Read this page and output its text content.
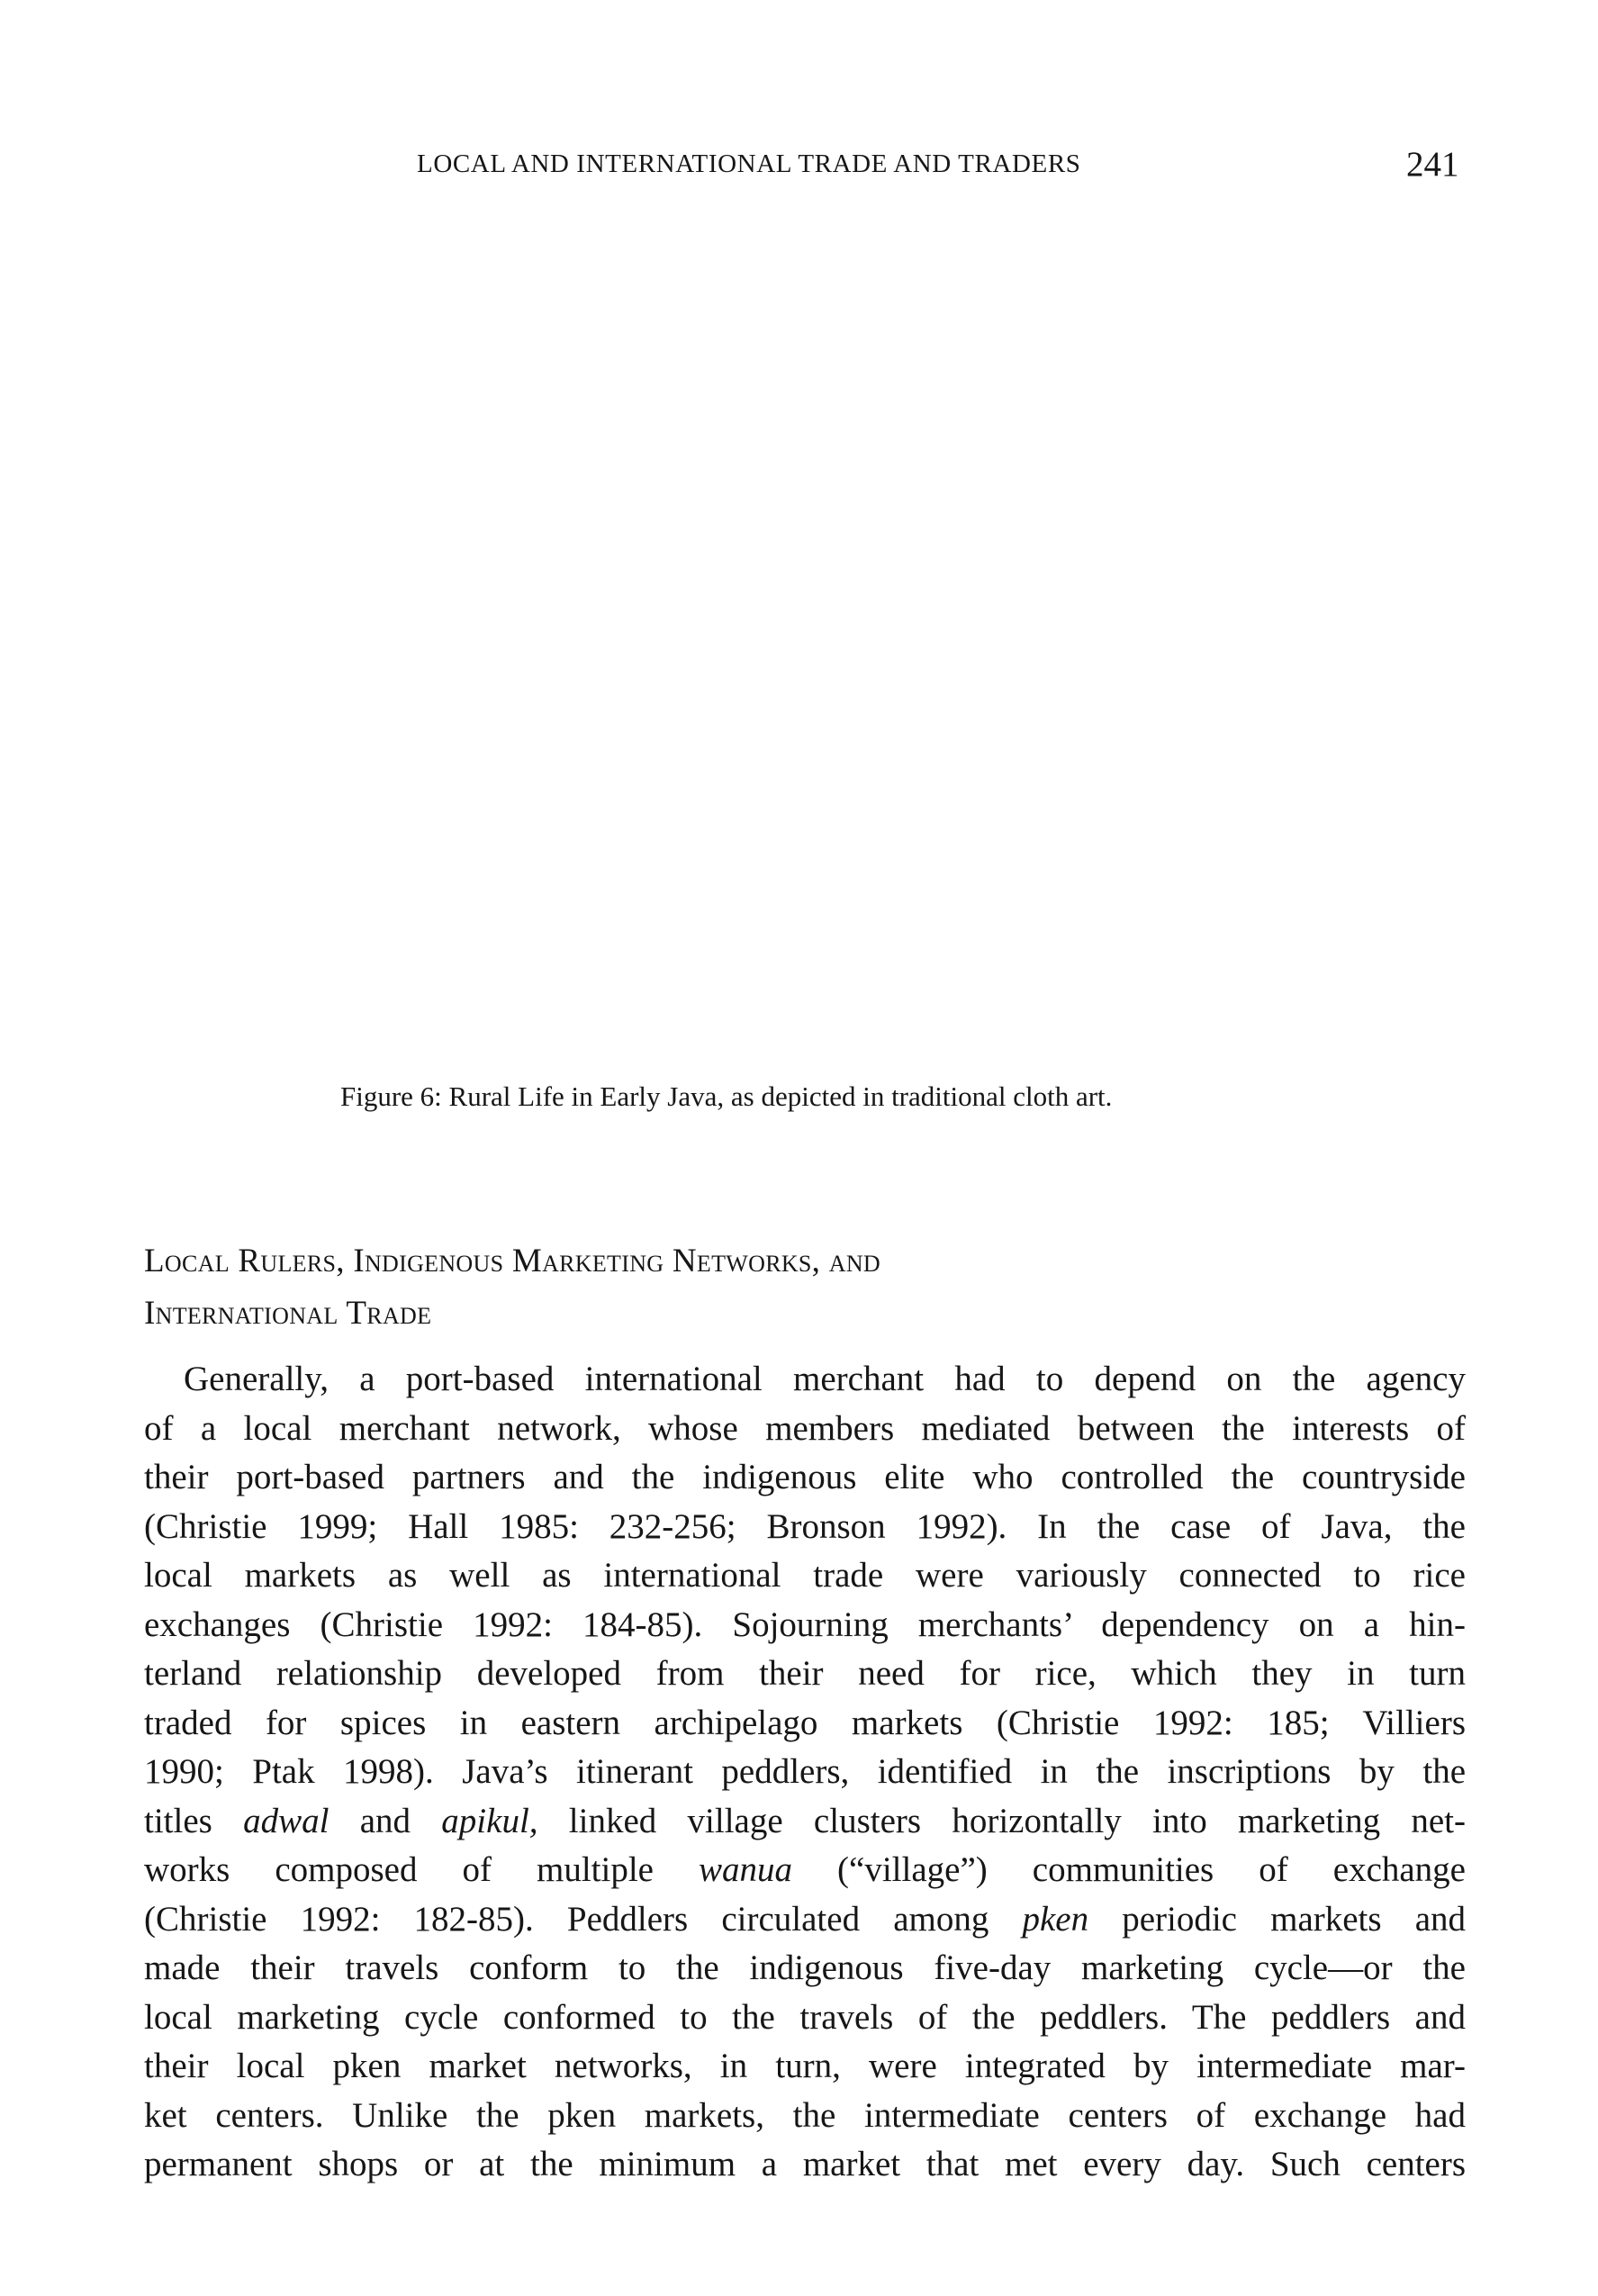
LOCAL AND INTERNATIONAL TRADE AND TRADERS	241
Figure 6: Rural Life in Early Java, as depicted in traditional cloth art.
Local Rulers, Indigenous Marketing Networks, and
International Trade
Generally, a port-based international merchant had to depend on the agency
of a local merchant network, whose members mediated between the interests of
their port-based partners and the indigenous elite who controlled the countryside
(Christie 1999; Hall 1985: 232-256; Bronson 1992). In the case of Java, the
local markets as well as international trade were variously connected to rice
exchanges (Christie 1992: 184-85). Sojourning merchants’ dependency on a hin-
terland relationship developed from their need for rice, which they in turn
traded for spices in eastern archipelago markets (Christie 1992: 185; Villiers
1990; Ptak 1998). Java’s itinerant peddlers, identified in the inscriptions by the
titles adwal and apikul, linked village clusters horizontally into marketing net-
works composed of multiple wanua (“village”) communities of exchange
(Christie 1992: 182-85). Peddlers circulated among pken periodic markets and
made their travels conform to the indigenous five-day marketing cycle—or the
local marketing cycle conformed to the travels of the peddlers. The peddlers and
their local pken market networks, in turn, were integrated by intermediate mar-
ket centers. Unlike the pken markets, the intermediate centers of exchange had
permanent shops or at the minimum a market that met every day. Such centers
